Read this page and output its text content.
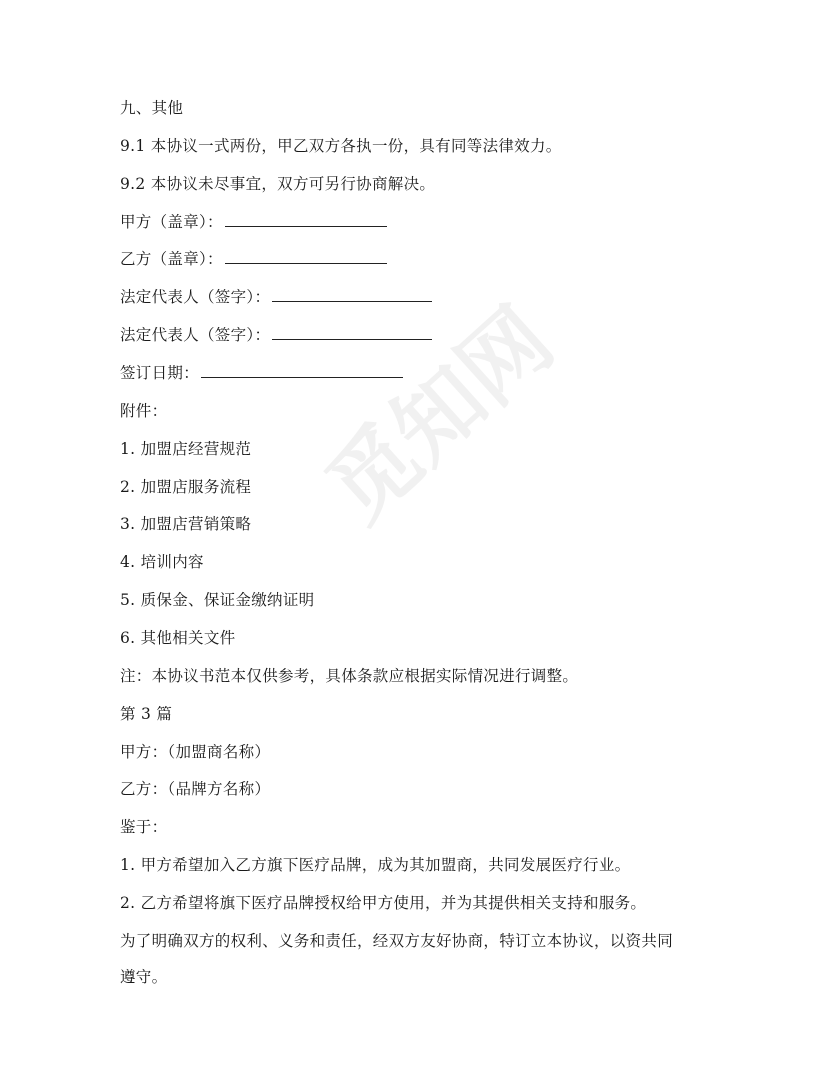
觅知网
九、其他
9.1 本协议一式两份，甲乙双方各执一份，具有同等法律效力。
9.2 本协议未尽事宜，双方可另行协商解决。
甲方（盖章）：
乙方（盖章）：
法定代表人（签字）：
法定代表人（签字）：
签订日期：
附件：
1. 加盟店经营规范
2. 加盟店服务流程
3. 加盟店营销策略
4. 培训内容
5. 质保金、保证金缴纳证明
6. 其他相关文件
注：本协议书范本仅供参考，具体条款应根据实际情况进行调整。
第 3 篇
甲方：（加盟商名称）
乙方：（品牌方名称）
鉴于：
1. 甲方希望加入乙方旗下医疗品牌，成为其加盟商，共同发展医疗行业。
2. 乙方希望将旗下医疗品牌授权给甲方使用，并为其提供相关支持和服务。
为了明确双方的权利、义务和责任，经双方友好协商，特订立本协议，以资共同遵守。
